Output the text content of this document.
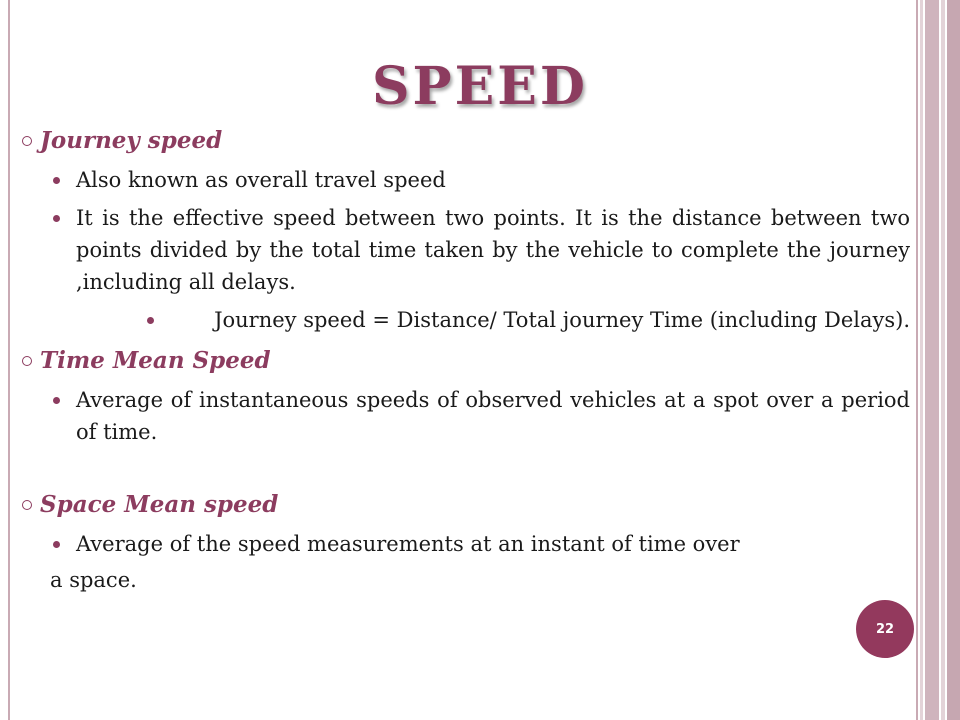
SPEED
Journey speed
Also known as overall travel speed
It is the effective speed between two points. It is the distance between two points divided by the total time taken by the vehicle to complete the journey ,including all delays.
Journey speed = Distance/ Total journey Time (including Delays).
Time Mean Speed
Average of instantaneous speeds of observed vehicles at a spot over a period of time.
Space Mean speed
Average of the speed measurements at an instant of time over
a space.
22
